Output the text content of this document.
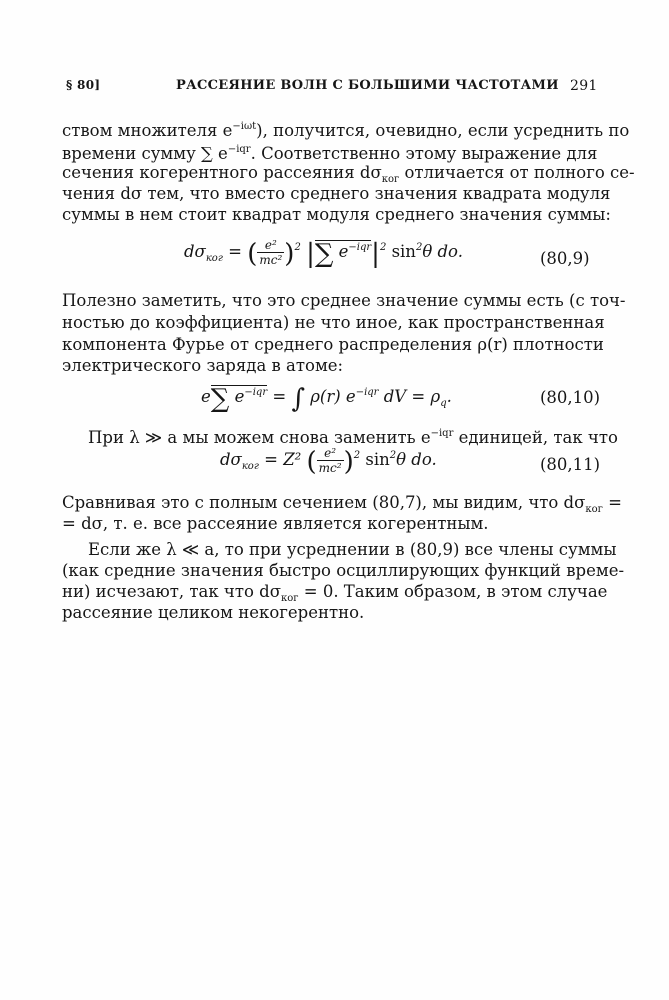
§ 80]	РАССЕЯНИЕ ВОЛН С БОЛЬШИМИ ЧАСТОТАМИ 291
ством множителя $e^{-i\omega t}$), получится, очевидно, если усреднить по
времени сумму ∑ $e^{-iqr}$. Соответственно этому выражение для
сечения когерентного рассеяния $d\sigma_{ког}$ отличается от полного се-
чения dσ тем, что вместо среднего значения квадрата модуля
суммы в нем стоит квадрат модуля среднего значения суммы:
$d\sigma_{ког}$ = ( $\frac{\text{e²}}{\text{mc²}} )^2$ |∑ $e^{-iqr}|^2$ $\sin^2\theta$ do.	(80,9)
Полезно заметить, что это среднее значение суммы есть (с точ-
ностью до коэффициента) не что иное, как пространственная
компонента Фурье от среднего распределения ρ(r) плотности
электрического заряда в атоме:
e∑ $e^{-iqr}$ = ∫ ρ(r) $e^{-iqr}$ dV = $\rho_q$.	(80,10)
При λ ≫ a мы можем снова заменить $e^{-iqr}$ единицей, так что
$d\sigma_{ког} = Z^2$ ( $\frac{\text{e²}}{\text{mc²}} )^2$ $\sin^2\theta$ do.	(80,11)
Сравнивая это с полным сечением (80,7), мы видим, что $d\sigma_{ког}$ =
= dσ, т. е. все рассеяние является когерентным.
Если же λ ≪ a, то при усреднении в (80,9) все члены суммы
(как средние значения быстро осциллирующих функций време-
ни) исчезают, так что $d\sigma_{ког} = 0$. Таким образом, в этом случае
рассеяние целиком некогерентно.
